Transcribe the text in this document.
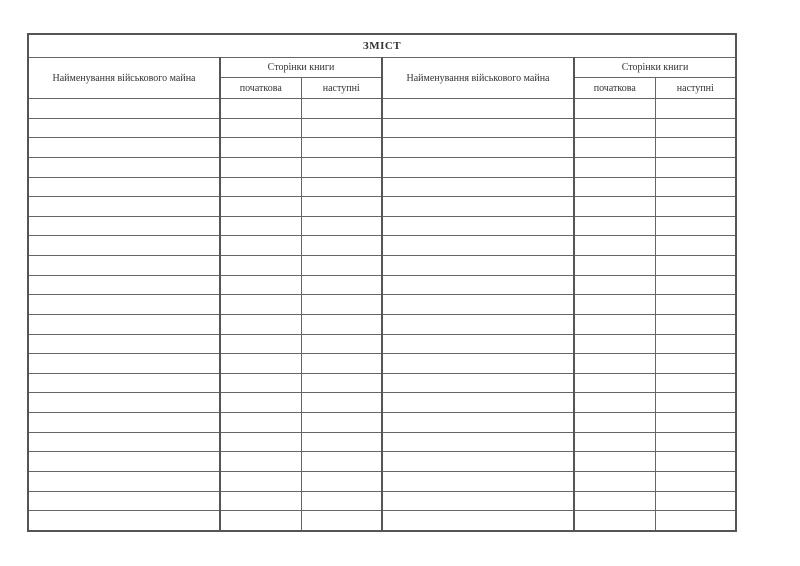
ЗМІСТ					
Найменування військового майна	Сторінки книги		Найменування військового майна	Сторінки книги	
	початкова	наступні		початкова	наступні
